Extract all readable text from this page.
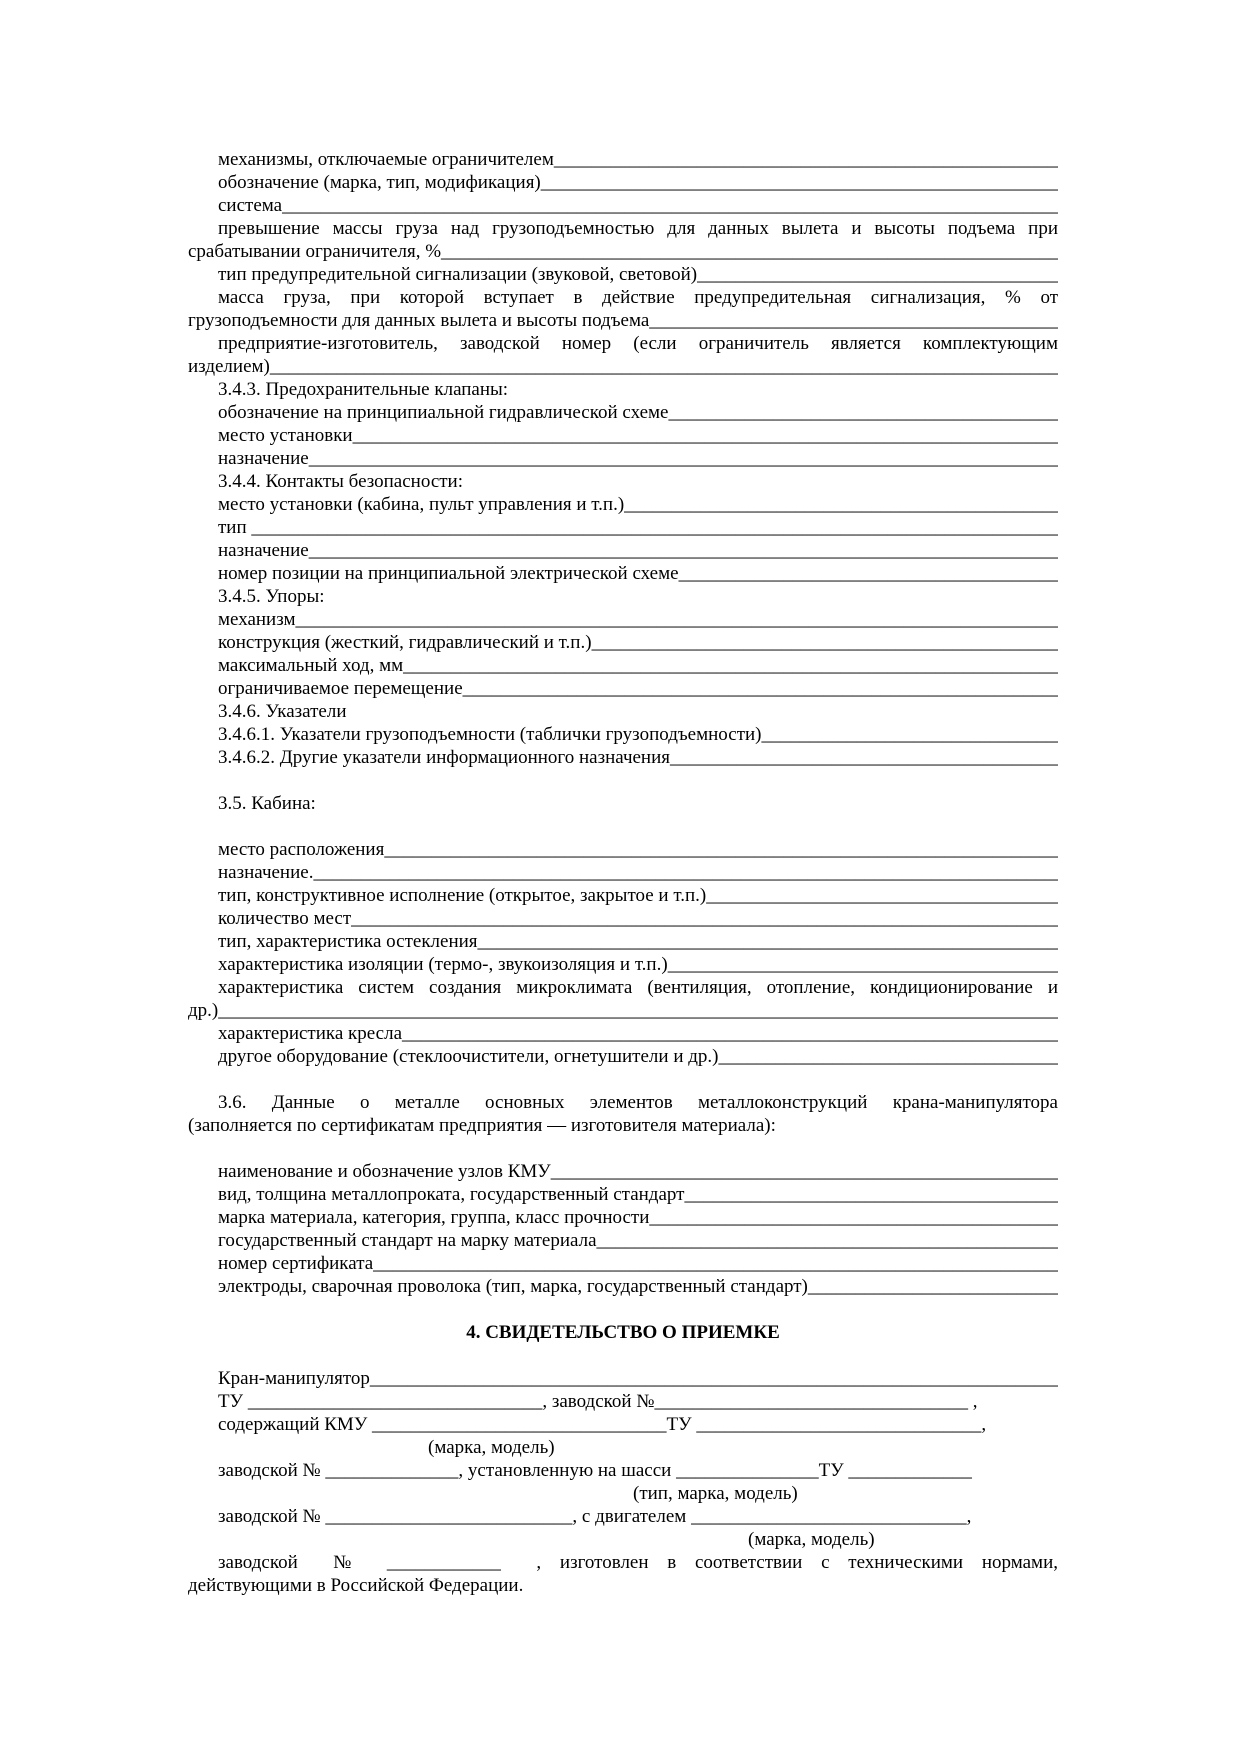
механизмы, отключаемые ограничителем _____
обозначение (марка, тип, модификация) _____
система _____
превышение массы груза над грузоподъемностью для данных вылета и высоты подъема при
срабатывании ограничителя, % _____
тип предупредительной сигнализации (звуковой, световой) _____
масса груза, при которой вступает в действие предупредительная сигнализация, % от
грузоподъемности для данных вылета и высоты подъема _____
предприятие-изготовитель, заводской номер (если ограничитель является комплектующим
изделием) _____
3.4.3. Предохранительные клапаны:
обозначение на принципиальной гидравлической схеме _____
место установки _____
назначение _____
3.4.4. Контакты безопасности:
место установки (кабина, пульт управления и т.п.) _____
тип _____
назначение _____
номер позиции на принципиальной электрической схеме _____
3.4.5. Упоры:
механизм _____
конструкция (жесткий, гидравлический и т.п.) _____
максимальный ход, мм _____
ограничиваемое перемещение _____
3.4.6. Указатели
3.4.6.1. Указатели грузоподъемности (таблички грузоподъемности) _____
3.4.6.2. Другие указатели информационного назначения _____
3.5. Кабина:
место расположения _____
назначение. _____
тип, конструктивное исполнение (открытое, закрытое и т.п.) _____
количество мест _____
тип, характеристика остекления _____
характеристика изоляции (термо-, звукоизоляция и т.п.) _____
характеристика систем создания микроклимата (вентиляция, отопление, кондиционирование и
др.) _____
характеристика кресла _____
другое оборудование (стеклоочистители, огнетушители и др.) _____
3.6. Данные о металле основных элементов металлоконструкций крана-манипулятора
(заполняется по сертификатам предприятия — изготовителя материала):
наименование и обозначение узлов КМУ _____
вид, толщина металлопроката, государственный стандарт _____
марка материала, категория, группа, класс прочности _____
государственный стандарт на марку материала _____
номер сертификата _____
электроды, сварочная проволока (тип, марка, государственный стандарт) _____
4. СВИДЕТЕЛЬСТВО О ПРИЕМКЕ
Кран-манипулятор _____
ТУ _______________________________, заводской №_________________________________ ,
содержащий КМУ _______________________________ТУ ______________________________,
(марка, модель)
заводской № ______________, установленную на шасси _______________ТУ _____________
(тип, марка, модель)
заводской № __________________________, с двигателем _____________________________,
(марка, модель)
заводской № ____________ , изготовлен в соответствии с техническими нормами,
действующими в Российской Федерации.
